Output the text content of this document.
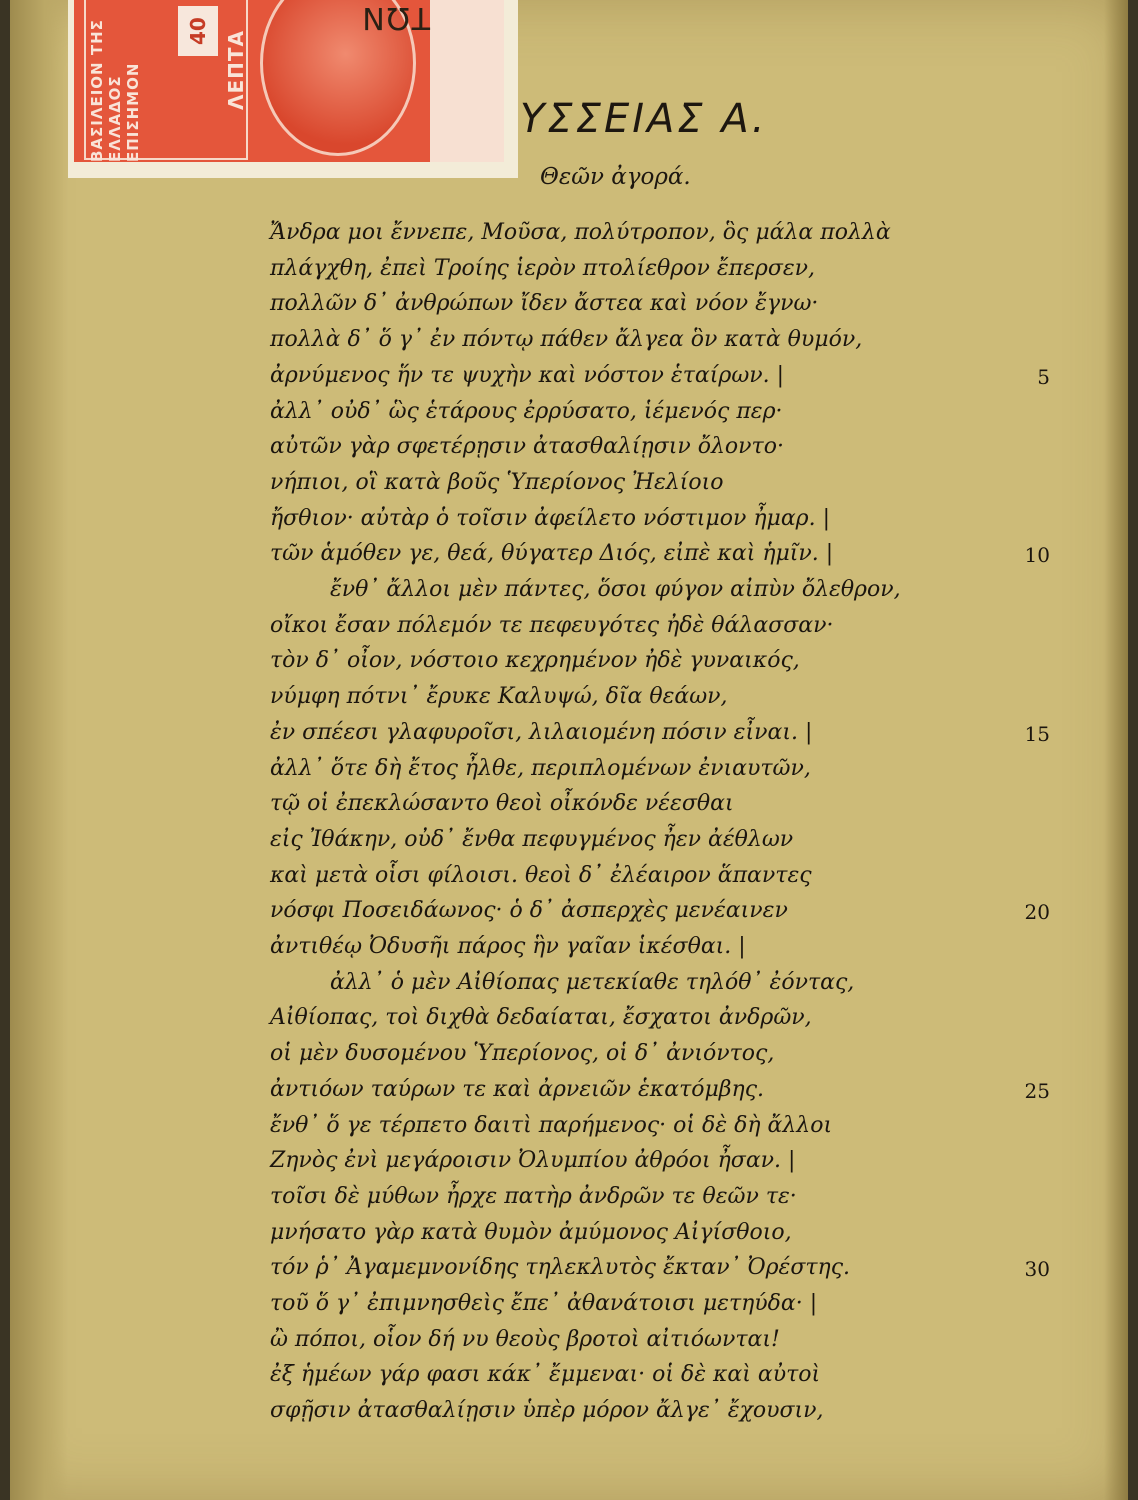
ΒΑΣΙΛΕΙΟΝ ΤΗΣ ΕΛΛΑΔΟΣ ΕΠΙΣΗΜΟΝ
40 ΛΕΠΤΑ
ΤΩΝ
ΥΣΣΕΙΑΣ Α.
Θεῶν ἀγορά.
Ἄνδρα μοι ἔννεπε, Μοῦσα, πολύτροπον, ὃς μάλα πολλὰ
πλάγχθη, ἐπεὶ Τροίης ἱερὸν πτολίεθρον ἔπερσεν,
πολλῶν δ᾽ ἀνθρώπων ἴδεν ἄστεα καὶ νόον ἔγνω·
πολλὰ δ᾽ ὅ γ᾽ ἐν πόντῳ πάθεν ἄλγεα ὃν κατὰ θυμόν,
ἀρνύμενος ἥν τε ψυχὴν καὶ νόστον ἑταίρων. |	5
ἀλλ᾽ οὐδ᾽ ὣς ἑτάρους ἐρρύσατο, ἱέμενός περ·
αὐτῶν γὰρ σφετέρῃσιν ἀτασθαλίῃσιν ὄλοντο·
νήπιοι, οἳ κατὰ βοῦς Ὑπερίονος Ἠελίοιο
ἤσθιον· αὐτὰρ ὁ τοῖσιν ἀφείλετο νόστιμον ἦμαρ. |
τῶν ἁμόθεν γε, θεά, θύγατερ Διός, εἰπὲ καὶ ἡμῖν. |	10
ἔνθ᾽ ἄλλοι μὲν πάντες, ὅσοι φύγον αἰπὺν ὄλεθρον,
οἴκοι ἔσαν πόλεμόν τε πεφευγότες ἠδὲ θάλασσαν·
τὸν δ᾽ οἶον, νόστοιο κεχρημένον ἠδὲ γυναικός,
νύμφη πότνι᾽ ἔρυκε Καλυψώ, δῖα θεάων,
ἐν σπέεσι γλαφυροῖσι, λιλαιομένη πόσιν εἶναι. |	15
ἀλλ᾽ ὅτε δὴ ἔτος ἦλθε, περιπλομένων ἐνιαυτῶν,
τῷ οἱ ἐπεκλώσαντο θεοὶ οἶκόνδε νέεσθαι
εἰς Ἰθάκην, οὐδ᾽ ἔνθα πεφυγμένος ἦεν ἀέθλων
καὶ μετὰ οἷσι φίλοισι. θεοὶ δ᾽ ἐλέαιρον ἅπαντες
νόσφι Ποσειδάωνος· ὁ δ᾽ ἀσπερχὲς μενέαινεν	20
ἀντιθέῳ Ὀδυσῆι πάρος ἣν γαῖαν ἱκέσθαι. |
ἀλλ᾽ ὁ μὲν Αἰθίοπας μετεκίαθε τηλόθ᾽ ἐόντας,
Αἰθίοπας, τοὶ διχθὰ δεδαίαται, ἔσχατοι ἀνδρῶν,
οἱ μὲν δυσομένου Ὑπερίονος, οἱ δ᾽ ἀνιόντος,
ἀντιόων ταύρων τε καὶ ἀρνειῶν ἑκατόμβης.	25
ἔνθ᾽ ὅ γε τέρπετο δαιτὶ παρήμενος· οἱ δὲ δὴ ἄλλοι
Ζηνὸς ἐνὶ μεγάροισιν Ὀλυμπίου ἀθρόοι ἦσαν. |
τοῖσι δὲ μύθων ἦρχε πατὴρ ἀνδρῶν τε θεῶν τε·
μνήσατο γὰρ κατὰ θυμὸν ἀμύμονος Αἰγίσθοιο,
τόν ῥ᾽ Ἀγαμεμνονίδης τηλεκλυτὸς ἔκταν᾽ Ὀρέστης.	30
τοῦ ὅ γ᾽ ἐπιμνησθεὶς ἔπε᾽ ἀθανάτοισι μετηύδα· |
ὢ πόποι, οἷον δή νυ θεοὺς βροτοὶ αἰτιόωνται!
ἐξ ἡμέων γάρ φασι κάκ᾽ ἔμμεναι· οἱ δὲ καὶ αὐτοὶ
σφῇσιν ἀτασθαλίῃσιν ὑπὲρ μόρον ἄλγε᾽ ἔχουσιν,
